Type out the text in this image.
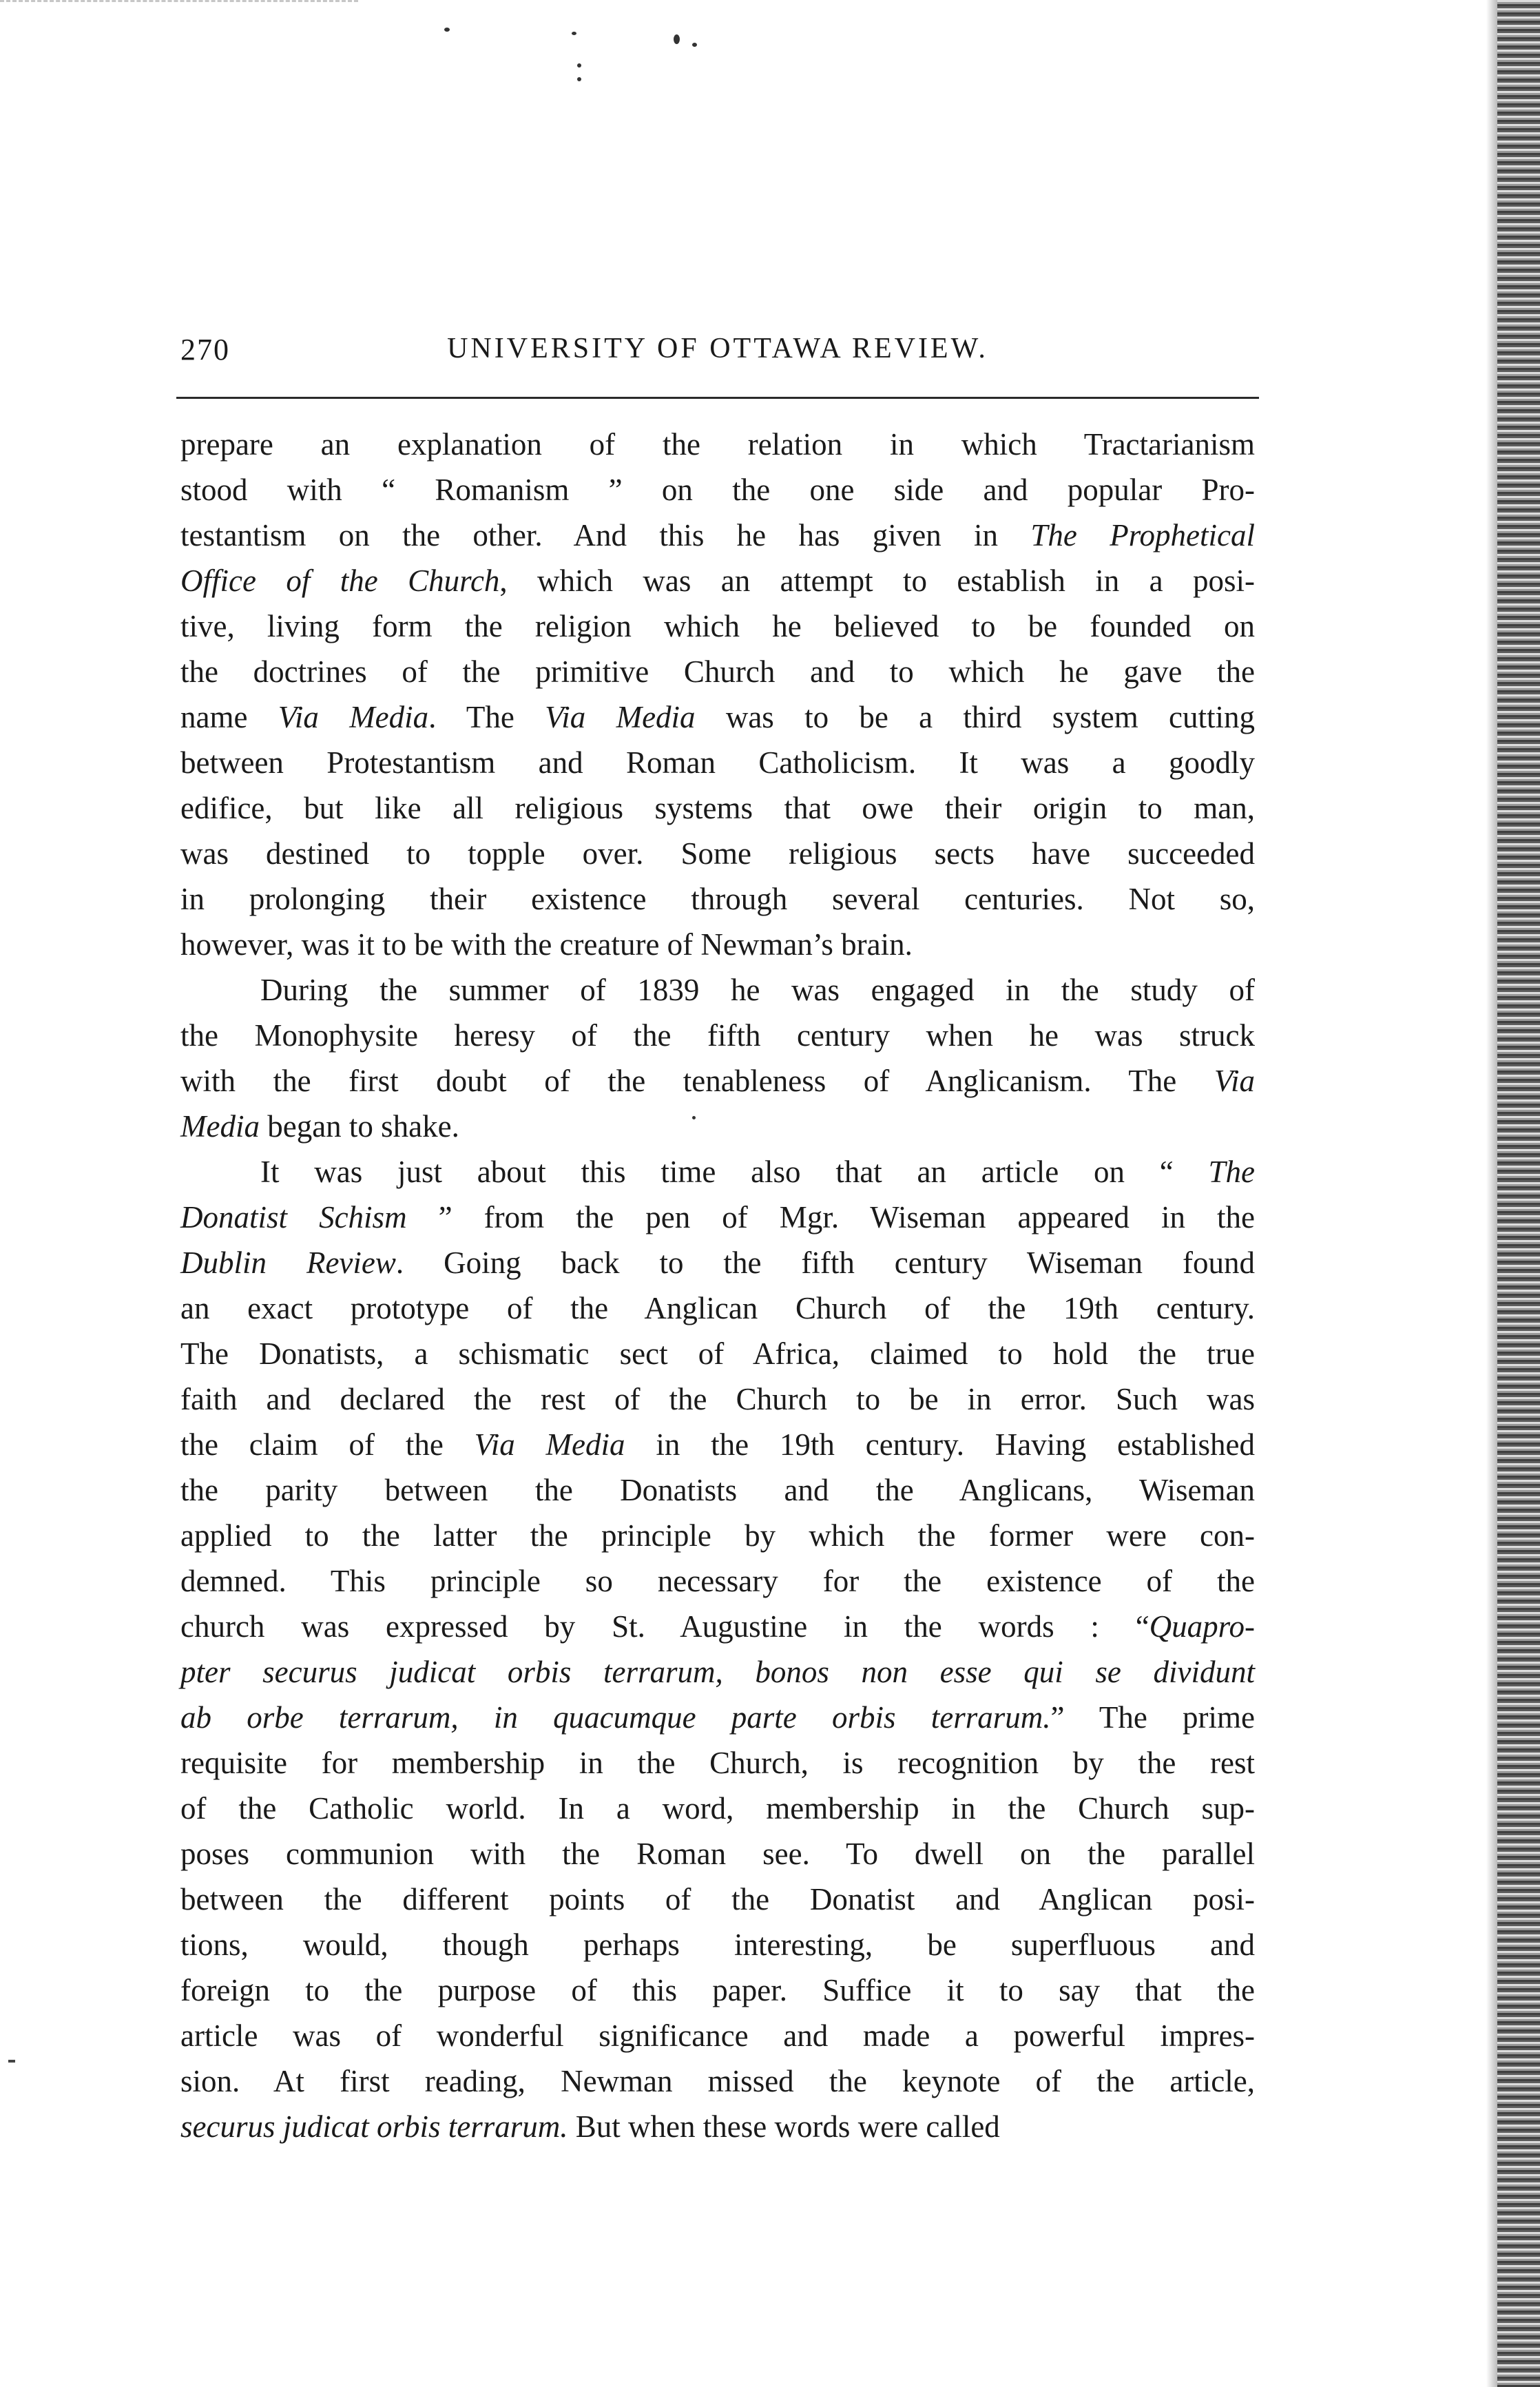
270	UNIVERSITY OF OTTAWA REVIEW.
prepare an explanation of the relation in which Tractarianism
stood with “ Romanism ” on the one side and popular Pro-
testantism on the other. And this he has given in The Prophetical
Office of the Church, which was an attempt to establish in a posi-
tive, living form the religion which he believed to be founded on
the doctrines of the primitive Church and to which he gave the
name Via Media. The Via Media was to be a third system cutting
between Protestantism and Roman Catholicism. It was a goodly
edifice, but like all religious systems that owe their origin to man,
was destined to topple over. Some religious sects have succeeded
in prolonging their existence through several centuries. Not so,
however, was it to be with the creature of Newman’s brain.
During the summer of 1839 he was engaged in the study of
the Monophysite heresy of the fifth century when he was struck
with the first doubt of the tenableness of Anglicanism. The Via
Media began to shake.
It was just about this time also that an article on “ The
Donatist Schism ” from the pen of Mgr. Wiseman appeared in the
Dublin Review. Going back to the fifth century Wiseman found
an exact prototype of the Anglican Church of the 19th century.
The Donatists, a schismatic sect of Africa, claimed to hold the true
faith and declared the rest of the Church to be in error. Such was
the claim of the Via Media in the 19th century. Having established
the parity between the Donatists and the Anglicans, Wiseman
applied to the latter the principle by which the former were con-
demned. This principle so necessary for the existence of the
church was expressed by St. Augustine in the words : “Quapro-
pter securus judicat orbis terrarum, bonos non esse qui se dividunt
ab orbe terrarum, in quacumque parte orbis terrarum.” The prime
requisite for membership in the Church, is recognition by the rest
of the Catholic world. In a word, membership in the Church sup-
poses communion with the Roman see. To dwell on the parallel
between the different points of the Donatist and Anglican posi-
tions, would, though perhaps interesting, be superfluous and
foreign to the purpose of this paper. Suffice it to say that the
article was of wonderful significance and made a powerful impres-
sion. At first reading, Newman missed the keynote of the article,
securus judicat orbis terrarum. But when these words were called
